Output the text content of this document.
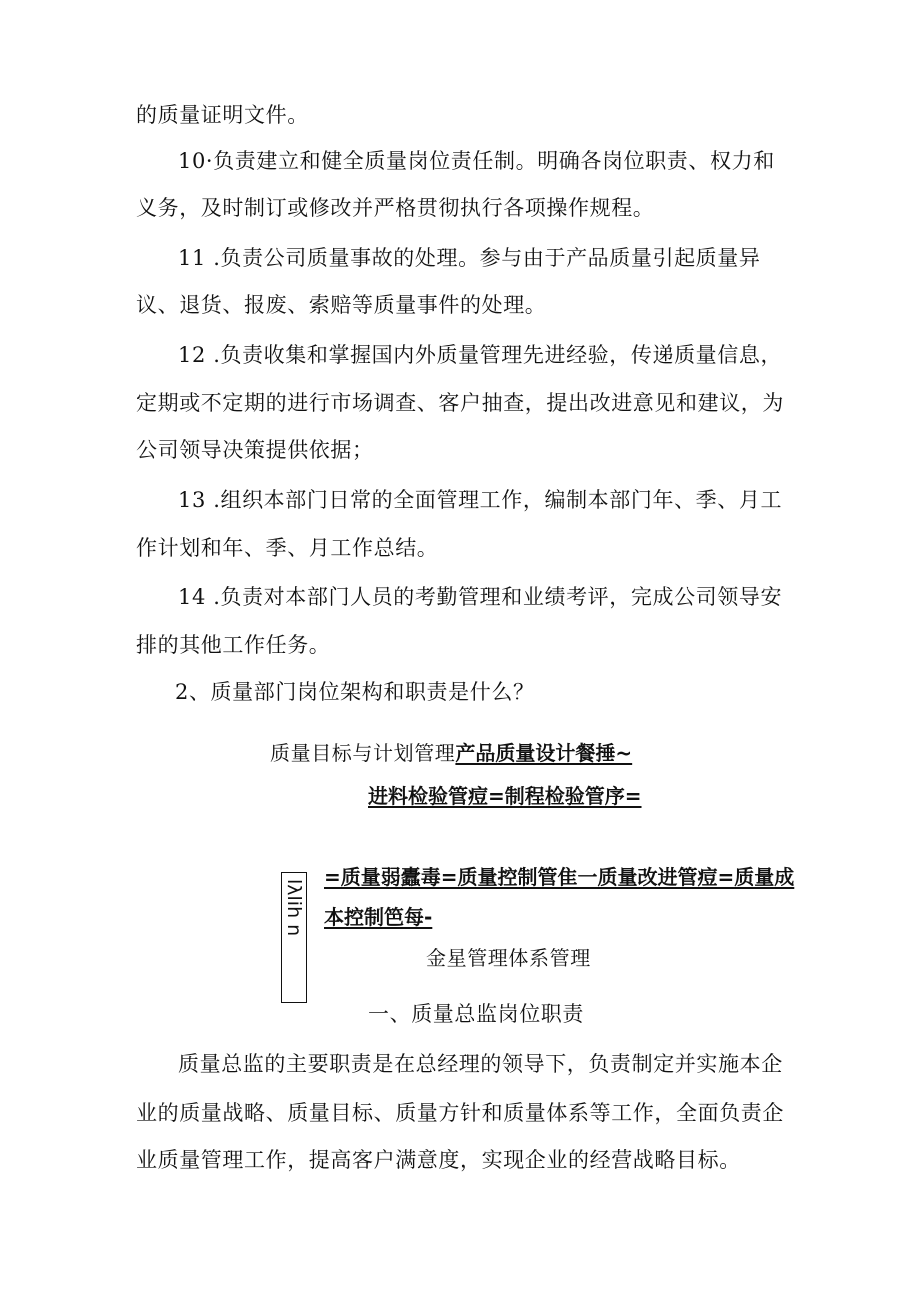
的质量证明文件。
10·负责建立和健全质量岗位责任制。明确各岗位职责、权力和
义务，及时制订或修改并严格贯彻执行各项操作规程。
11 .负责公司质量事故的处理。参与由于产品质量引起质量异
议、退货、报废、索赔等质量事件的处理。
12 .负责收集和掌握国内外质量管理先进经验，传递质量信息，
定期或不定期的进行市场调查、客户抽查，提出改进意见和建议，为
公司领导决策提供依据；
13 .组织本部门日常的全面管理工作，编制本部门年、季、月工
作计划和年、季、月工作总结。
14 .负责对本部门人员的考勤管理和业绩考评，完成公司领导安
排的其他工作任务。
2、质量部门岗位架构和职责是什么？
质量目标与计划管理产品质量设计餐捶~
进料检验管痘=制程检验管序=
=质量弱蠹毒=质量控制管隹一质量改进管痘=质量成
本控制笆每-
金星管理体系管理
lλlih n
一、质量总监岗位职责
质量总监的主要职责是在总经理的领导下，负责制定并实施本企
业的质量战略、质量目标、质量方针和质量体系等工作，全面负责企
业质量管理工作，提高客户满意度，实现企业的经营战略目标。
